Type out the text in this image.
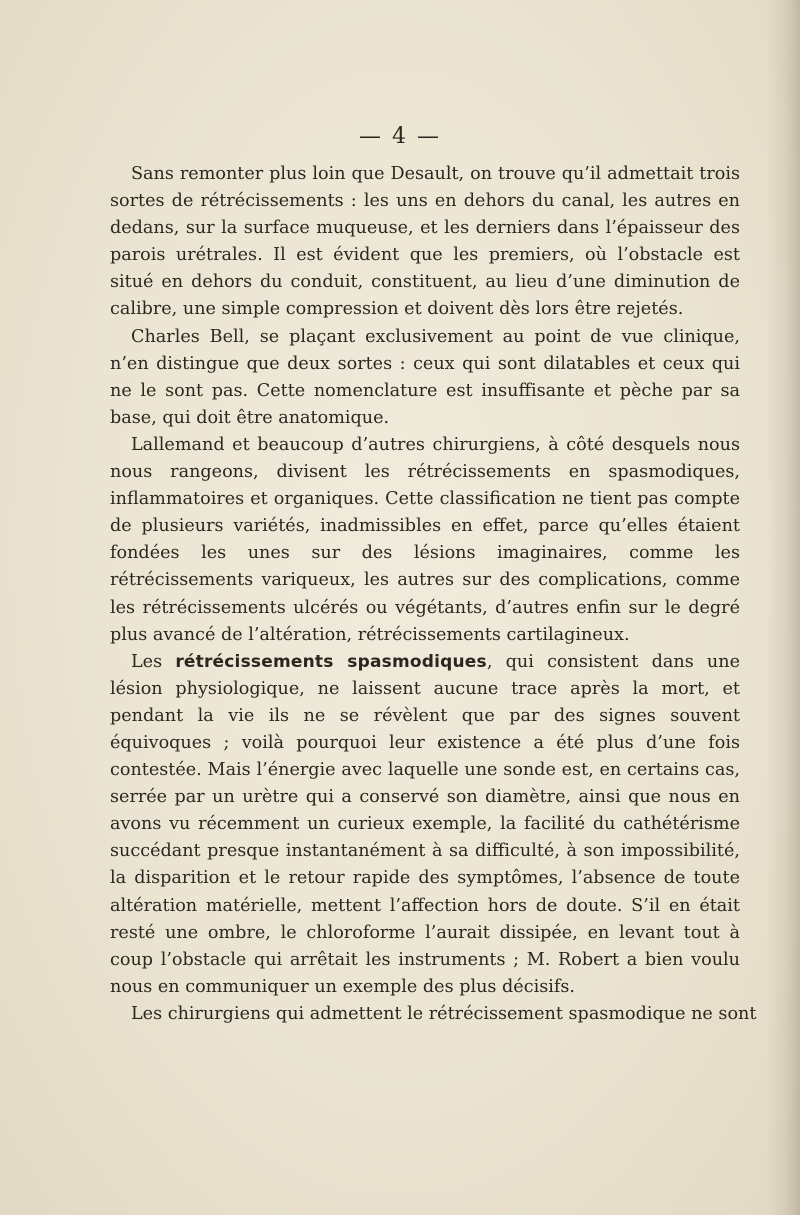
— 4 —

Sans remonter plus loin que Desault, on trouve qu’il admettait trois sortes de rétrécissements : les uns en dehors du canal, les autres en dedans, sur la surface muqueuse, et les derniers dans l’épaisseur des parois urétrales. Il est évident que les premiers, où l’obstacle est situé en dehors du conduit, constituent, au lieu d’une diminution de calibre, une simple compression et doivent dès lors être rejetés.

Charles Bell, se plaçant exclusivement au point de vue clinique, n’en distingue que deux sortes : ceux qui sont dilatables et ceux qui ne le sont pas. Cette nomenclature est insuffisante et pèche par sa base, qui doit être anatomique.

Lallemand et beaucoup d’autres chirurgiens, à côté desquels nous nous rangeons, divisent les rétrécissements en spasmodiques, inflammatoires et organiques. Cette classification ne tient pas compte de plusieurs variétés, inadmissibles en effet, parce qu’elles étaient fondées les unes sur des lésions imaginaires, comme les rétrécissements variqueux, les autres sur des complications, comme les rétrécissements ulcérés ou végétants, d’autres enfin sur le degré plus avancé de l’altération, rétrécissements cartilagineux.

Les rétrécissements spasmodiques, qui consistent dans une lésion physiologique, ne laissent aucune trace après la mort, et pendant la vie ils ne se révèlent que par des signes souvent équivoques ; voilà pourquoi leur existence a été plus d’une fois contestée. Mais l’énergie avec laquelle une sonde est, en certains cas, serrée par un urètre qui a conservé son diamètre, ainsi que nous en avons vu récemment un curieux exemple, la facilité du cathétérisme succédant presque instantanément à sa difficulté, à son impossibilité, la disparition et le retour rapide des symptômes, l’absence de toute altération matérielle, mettent l’affection hors de doute. S’il en était resté une ombre, le chloroforme l’aurait dissipée, en levant tout à coup l’obstacle qui arrêtait les instruments ; M. Robert a bien voulu nous en communiquer un exemple des plus décisifs.

Les chirurgiens qui admettent le rétrécissement spasmodique ne sont
